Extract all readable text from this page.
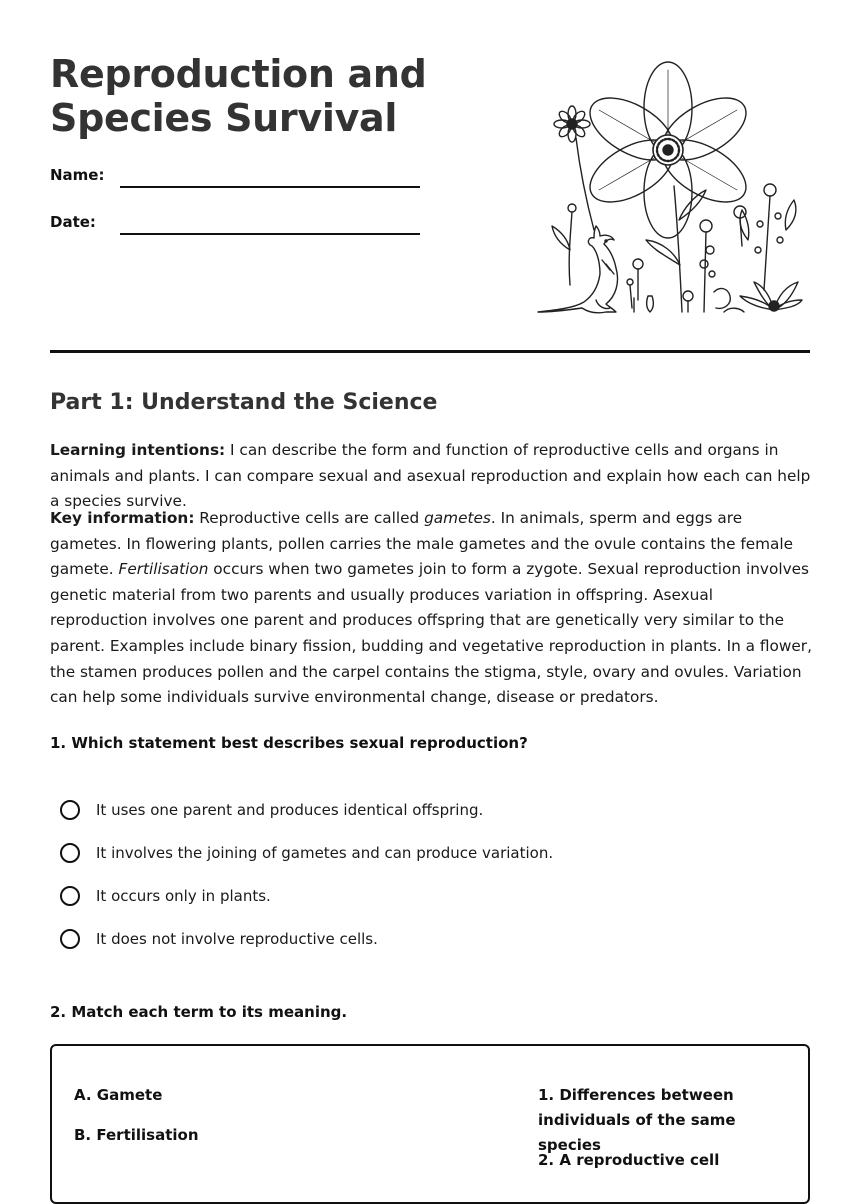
Reproduction and
Species Survival
Name:
Date:
Part 1: Understand the Science

Learning intentions: I can describe the form and function of reproductive cells and organs in animals and plants. I can compare sexual and asexual reproduction and explain how each can help a species survive.

Key information: Reproductive cells are called gametes. In animals, sperm and eggs are gametes. In flowering plants, pollen carries the male gametes and the ovule contains the female gamete. Fertilisation occurs when two gametes join to form a zygote. Sexual reproduction involves genetic material from two parents and usually produces variation in offspring. Asexual reproduction involves one parent and produces offspring that are genetically very similar to the parent. Examples include binary fission, budding and vegetative reproduction in plants. In a flower, the stamen produces pollen and the carpel contains the stigma, style, ovary and ovules. Variation can help some individuals survive environmental change, disease or predators.

1. Which statement best describes sexual reproduction?

It uses one parent and produces identical offspring.
It involves the joining of gametes and can produce variation.
It occurs only in plants.
It does not involve reproductive cells.

2. Match each term to its meaning.

A. Gamete
B. Fertilisation
1. Differences between individuals of the same species
2. A reproductive cell
